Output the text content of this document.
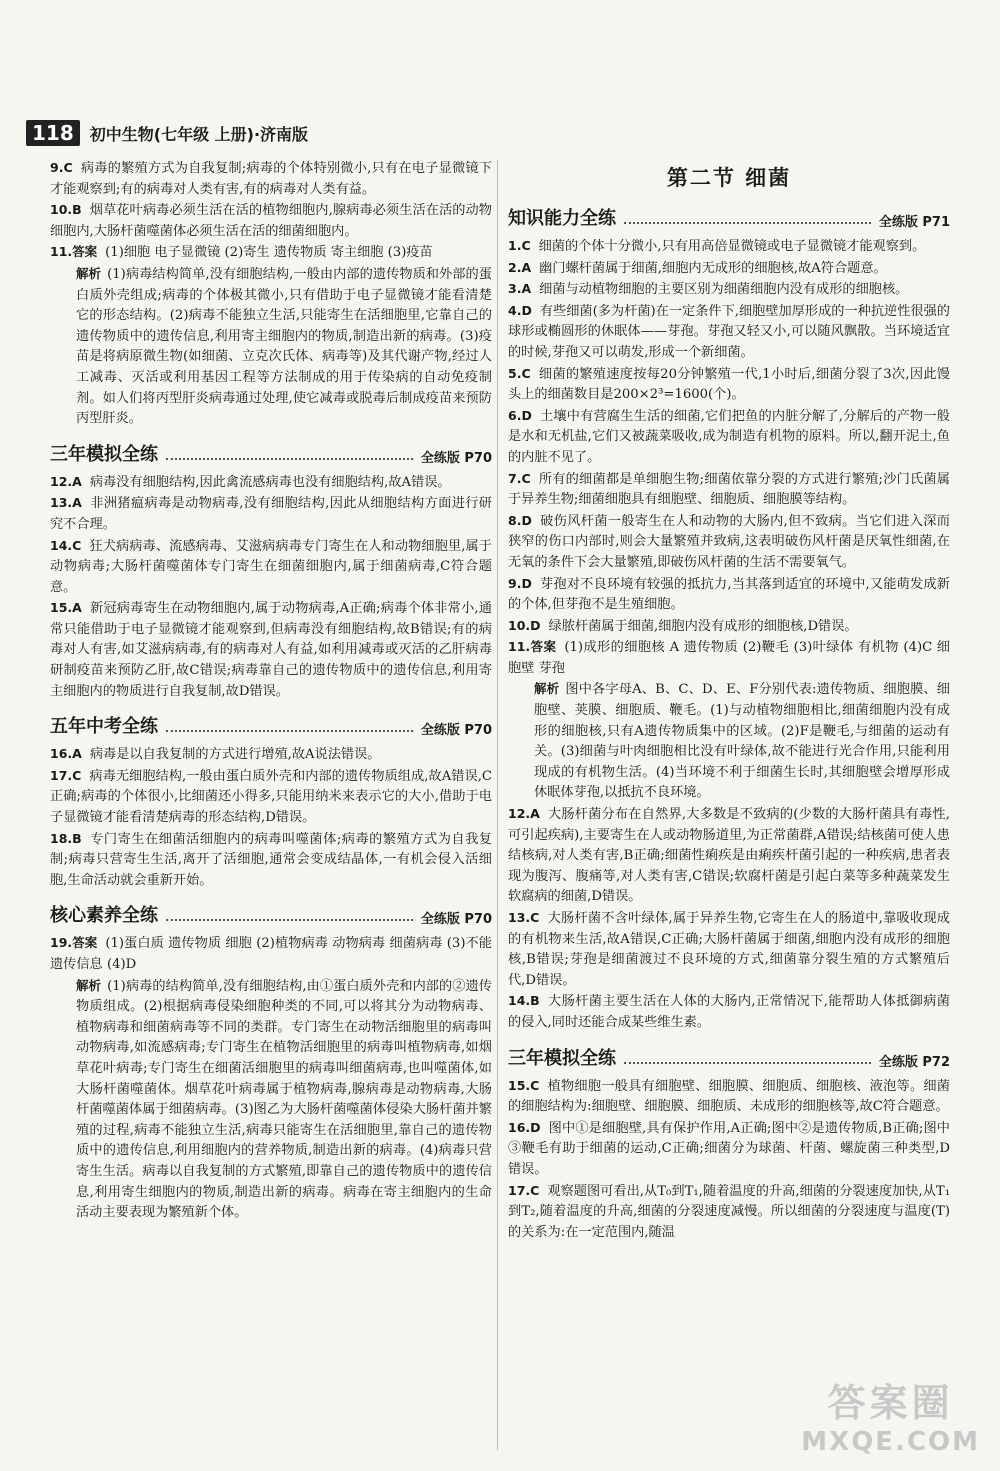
118	初中生物(七年级 上册)·济南版

9.C 病毒的繁殖方式为自我复制;病毒的个体特别微小,只有在电子显微镜下才能观察到;有的病毒对人类有害,有的病毒对人类有益。

10.B 烟草花叶病毒必须生活在活的植物细胞内,腺病毒必须生活在活的动物细胞内,大肠杆菌噬菌体必须生活在活的细菌细胞内。

11.答案 (1)细胞 电子显微镜 (2)寄生 遗传物质 寄主细胞 (3)疫苗

解析 (1)病毒结构简单,没有细胞结构,一般由内部的遗传物质和外部的蛋白质外壳组成;病毒的个体极其微小,只有借助于电子显微镜才能看清楚它的形态结构。(2)病毒不能独立生活,只能寄生在活细胞里,它靠自己的遗传物质中的遗传信息,利用寄主细胞内的物质,制造出新的病毒。(3)疫苗是将病原微生物(如细菌、立克次氏体、病毒等)及其代谢产物,经过人工减毒、灭活或利用基因工程等方法制成的用于传染病的自动免疫制剂。如人们将丙型肝炎病毒通过处理,使它减毒或脱毒后制成疫苗来预防丙型肝炎。

三年模拟全练	全练版 P70

12.A 病毒没有细胞结构,因此禽流感病毒也没有细胞结构,故A错误。

13.A 非洲猪瘟病毒是动物病毒,没有细胞结构,因此从细胞结构方面进行研究不合理。

14.C 狂犬病病毒、流感病毒、艾滋病病毒专门寄生在人和动物细胞里,属于动物病毒;大肠杆菌噬菌体专门寄生在细菌细胞内,属于细菌病毒,C符合题意。

15.A 新冠病毒寄生在动物细胞内,属于动物病毒,A正确;病毒个体非常小,通常只能借助于电子显微镜才能观察到,但病毒没有细胞结构,故B错误;有的病毒对人有害,如艾滋病病毒,有的病毒对人有益,如利用减毒或灭活的乙肝病毒研制疫苗来预防乙肝,故C错误;病毒靠自己的遗传物质中的遗传信息,利用寄主细胞内的物质进行自我复制,故D错误。

五年中考全练	全练版 P70

16.A 病毒是以自我复制的方式进行增殖,故A说法错误。

17.C 病毒无细胞结构,一般由蛋白质外壳和内部的遗传物质组成,故A错误,C正确;病毒的个体很小,比细菌还小得多,只能用纳米来表示它的大小,借助于电子显微镜才能看清楚病毒的形态结构,D错误。

18.B 专门寄生在细菌活细胞内的病毒叫噬菌体;病毒的繁殖方式为自我复制;病毒只营寄生生活,离开了活细胞,通常会变成结晶体,一有机会侵入活细胞,生命活动就会重新开始。

核心素养全练	全练版 P70

19.答案 (1)蛋白质 遗传物质 细胞 (2)植物病毒 动物病毒 细菌病毒 (3)不能 遗传信息 (4)D

解析 (1)病毒的结构简单,没有细胞结构,由①蛋白质外壳和内部的②遗传物质组成。(2)根据病毒侵染细胞种类的不同,可以将其分为动物病毒、植物病毒和细菌病毒等不同的类群。专门寄生在动物活细胞里的病毒叫动物病毒,如流感病毒;专门寄生在植物活细胞里的病毒叫植物病毒,如烟草花叶病毒;专门寄生在细菌活细胞里的病毒叫细菌病毒,也叫噬菌体,如大肠杆菌噬菌体。烟草花叶病毒属于植物病毒,腺病毒是动物病毒,大肠杆菌噬菌体属于细菌病毒。(3)图乙为大肠杆菌噬菌体侵染大肠杆菌并繁殖的过程,病毒不能独立生活,病毒只能寄生在活细胞里,靠自己的遗传物质中的遗传信息,利用细胞内的营养物质,制造出新的病毒。(4)病毒只营寄生生活。病毒以自我复制的方式繁殖,即靠自己的遗传物质中的遗传信息,利用寄生细胞内的物质,制造出新的病毒。病毒在寄主细胞内的生命活动主要表现为繁殖新个体。

第二节 细菌
知识能力全练	全练版 P71

1.C 细菌的个体十分微小,只有用高倍显微镜或电子显微镜才能观察到。

2.A 幽门螺杆菌属于细菌,细胞内无成形的细胞核,故A符合题意。

3.A 细菌与动植物细胞的主要区别为细菌细胞内没有成形的细胞核。

4.D 有些细菌(多为杆菌)在一定条件下,细胞壁加厚形成的一种抗逆性很强的球形或椭圆形的休眠体——芽孢。芽孢又轻又小,可以随风飘散。当环境适宜的时候,芽孢又可以萌发,形成一个新细菌。

5.C 细菌的繁殖速度按每20分钟繁殖一代,1小时后,细菌分裂了3次,因此馒头上的细菌数目是200×2³=1600(个)。

6.D 土壤中有营腐生生活的细菌,它们把鱼的内脏分解了,分解后的产物一般是水和无机盐,它们又被蔬菜吸收,成为制造有机物的原料。所以,翻开泥土,鱼的内脏不见了。

7.C 所有的细菌都是单细胞生物;细菌依靠分裂的方式进行繁殖;沙门氏菌属于异养生物;细菌细胞具有细胞壁、细胞质、细胞膜等结构。

8.D 破伤风杆菌一般寄生在人和动物的大肠内,但不致病。当它们进入深而狭窄的伤口内部时,则会大量繁殖并致病,这表明破伤风杆菌是厌氧性细菌,在无氧的条件下会大量繁殖,即破伤风杆菌的生活不需要氧气。

9.D 芽孢对不良环境有较强的抵抗力,当其落到适宜的环境中,又能萌发成新的个体,但芽孢不是生殖细胞。

10.D 绿脓杆菌属于细菌,细胞内没有成形的细胞核,D错误。

11.答案 (1)成形的细胞核 A 遗传物质 (2)鞭毛 (3)叶绿体 有机物 (4)C 细胞壁 芽孢

解析 图中各字母A、B、C、D、E、F分别代表:遗传物质、细胞膜、细胞壁、荚膜、细胞质、鞭毛。(1)与动植物细胞相比,细菌细胞内没有成形的细胞核,只有A遗传物质集中的区域。(2)F是鞭毛,与细菌的运动有关。(3)细菌与叶肉细胞相比没有叶绿体,故不能进行光合作用,只能利用现成的有机物生活。(4)当环境不利于细菌生长时,其细胞壁会增厚形成休眠体芽孢,以抵抗不良环境。

12.A 大肠杆菌分布在自然界,大多数是不致病的(少数的大肠杆菌具有毒性,可引起疾病),主要寄生在人或动物肠道里,为正常菌群,A错误;结核菌可使人患结核病,对人类有害,B正确;细菌性痢疾是由痢疾杆菌引起的一种疾病,患者表现为腹泻、腹痛等,对人类有害,C错误;软腐杆菌是引起白菜等多种蔬菜发生软腐病的细菌,D错误。

13.C 大肠杆菌不含叶绿体,属于异养生物,它寄生在人的肠道中,靠吸收现成的有机物来生活,故A错误,C正确;大肠杆菌属于细菌,细胞内没有成形的细胞核,B错误;芽孢是细菌渡过不良环境的方式,细菌靠分裂生殖的方式繁殖后代,D错误。

14.B 大肠杆菌主要生活在人体的大肠内,正常情况下,能帮助人体抵御病菌的侵入,同时还能合成某些维生素。

三年模拟全练	全练版 P72

15.C 植物细胞一般具有细胞壁、细胞膜、细胞质、细胞核、液泡等。细菌的细胞结构为:细胞壁、细胞膜、细胞质、未成形的细胞核等,故C符合题意。

16.D 图中①是细胞壁,具有保护作用,A正确;图中②是遗传物质,B正确;图中③鞭毛有助于细菌的运动,C正确;细菌分为球菌、杆菌、螺旋菌三种类型,D错误。

17.C 观察题图可看出,从T₀到T₁,随着温度的升高,细菌的分裂速度加快,从T₁到T₂,随着温度的升高,细菌的分裂速度减慢。所以细菌的分裂速度与温度(T)的关系为:在一定范围内,随温

答案圈
MXQE.COM
